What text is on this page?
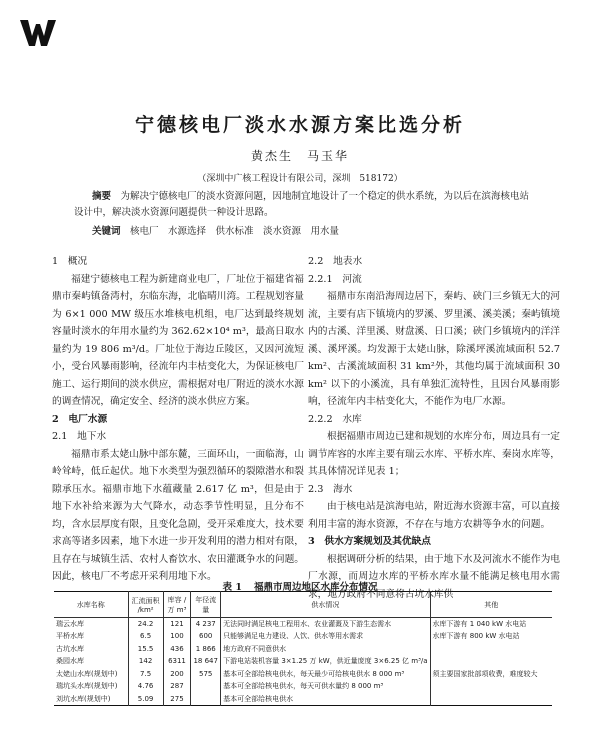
宁德核电厂淡水水源方案比选分析
黄杰生　马玉华
（深圳中广核工程设计有限公司，深圳　518172）
摘要　 为解决宁德核电厂的淡水资源问题，因地制宜地设计了一个稳定的供水系统，为以后在滨海核电站设计中，解决淡水资源问题提供一种设计思路。
关键词　 核电厂　水源选择　供水标准　淡水资源　用水量
1　概况

福建宁德核电工程为新建商业电厂，厂址位于福建省福鼎市秦屿镇备湾村，东临东海，北临晴川湾。工程规划容量为 6×1 000 MW 级压水堆核电机组，电厂达到最终规划容量时淡水的年用水量约为 362.62×10⁴ m³，最高日取水量约为 19 806 m³/d。厂址位于海边丘陵区，又因河流短小，受台风暴雨影响，径流年内丰枯变化大，为保证核电厂施工、运行期间的淡水供应，需根据对电厂附近的淡水水源的调查情况，确定安全、经济的淡水供应方案。

2　电厂水源
2.1　地下水

福鼎市系太姥山脉中部东麓，三面环山，一面临海，山岭耸峙，低丘起伏。地下水类型为强烈循环的裂隙潜水和裂隙承压水。福鼎市地下水蕴藏量 2.617 亿 m³，但是由于地下水补给来源为大气降水，动态季节性明显，且分布不均，含水层厚度有限，且变化急剧，受开采难度大，技术要求高等诸多因素，地下水进一步开发利用的潜力相对有限，且存在与城镇生活、农村人畜饮水、农田灌溉争水的问题。因此，核电厂不考虑开采利用地下水。

2.2　地表水
2.2.1　河流

福鼎市东南沿海周边居下，秦屿、硖门三乡镇无大的河流，主要有店下镇境内的罗溪、罗里溪、溪美溪；秦屿镇境内的古溪、洋里溪、财盘溪、日口溪；硖门乡镇境内的洋洋溪、溪坪溪。均发源于太姥山脉，除溪坪溪流域面积 52.7 km²、古溪流域面积 31 km²外，其他均属于流域面积 30 km² 以下的小溪流，具有单独汇流特性，且因台风暴雨影响，径流年内丰枯变化大，不能作为电厂水源。

2.2.2　水库

根据福鼎市周边已建和规划的水库分布，周边具有一定调节库容的水库主要有瑞云水库、平桥水库、秦岗水库等，其具体情况详见表 1；

2.3　海水

由于核电站是滨海电站，附近海水资源丰富，可以直接利用丰富的海水资源，不存在与地方农耕等争水的问题。

3　供水方案规划及其优缺点

根据调研分析的结果，由于地下水及河流水不能作为电厂水源，而周边水库的平桥水库水量不能满足核电用水需求，地方政府不同意将古坑水库供

表 1 福鼎市周边地区水库分布情况
水库名称	汇流面积 /km²	库容 /万 m³	年径流量	供水情况	其他
瑞云水库	24.2	121	4 237	无法同时满足核电工程用水、农业灌溉及下游生态需水	水库下游有 1 040 kW 水电站
平桥水库	6.5	100	600	只能够满足电力建设、人饮、供水等用水需求	水库下游有 800 kW 水电站
古坑水库	15.5	436	1 866	地方政府不同意供水	
桑园水库	142	6311	18 647	下游电站装机容量 3×1.25 万 kW，供近量庞度 3×6.25 亿 m³/a	
太姥山水库(规划中)	7.5	200	575	基本可全部给核电供水，每天最少可给核电供水 8 000 m³	须主要国家批部项收费，难度较大
瑞坑头水库(规划中)	4.76	287		基本可全部给核电供水，每天可供水量约 8 000 m³	
刘坑水库(规划中)	5.09	275		基本可全部给核电供水	
